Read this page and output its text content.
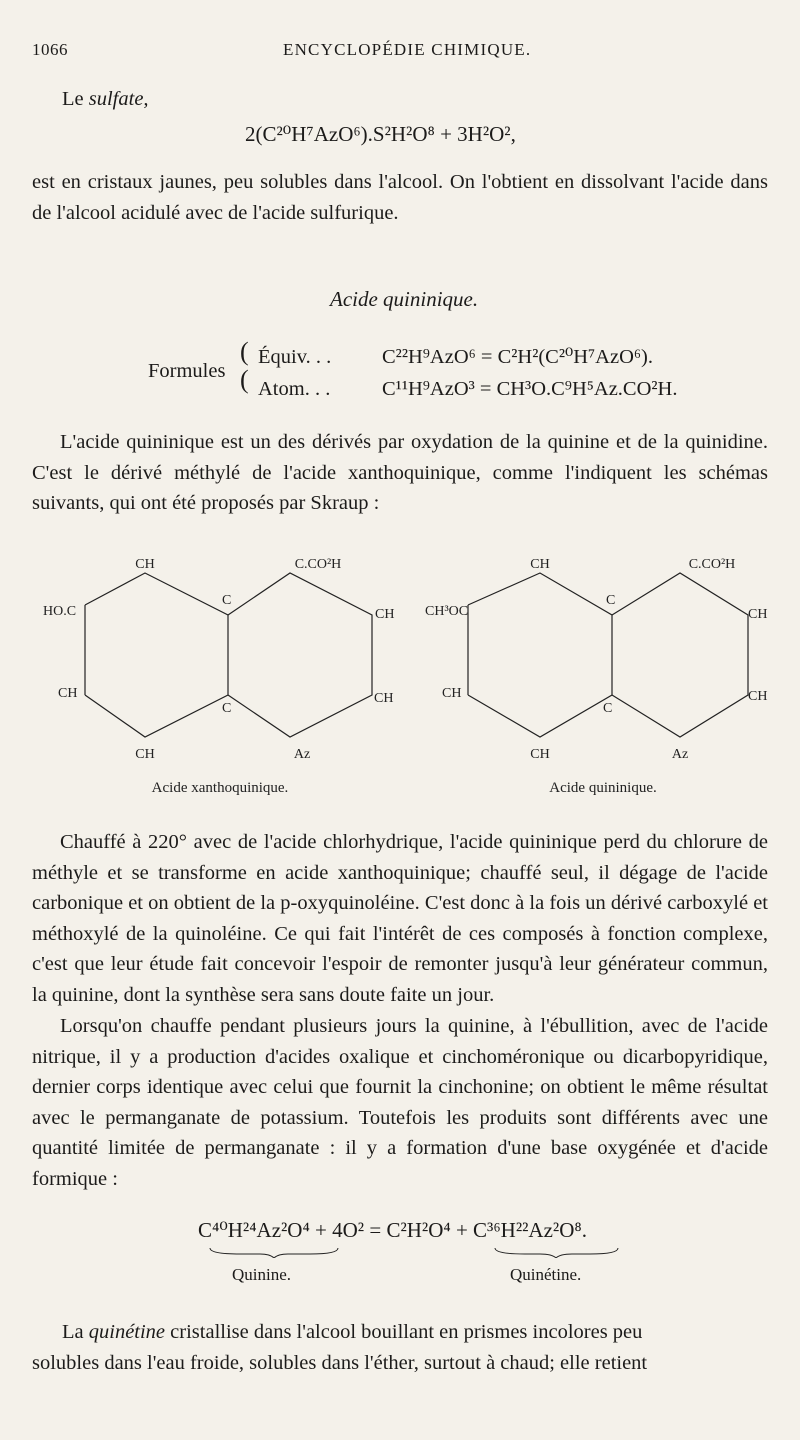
1066	ENCYCLOPÉDIE CHIMIQUE.
Le sulfate,
2(C²⁰H⁷AzO⁶).S²H²O⁸ + 3H²O²,

est en cristaux jaunes, peu solubles dans l'alcool. On l'obtient en dissolvant l'acide dans de l'alcool acidulé avec de l'acide sulfurique.

Acide quininique.
Formules
(
(
Équiv. . . C²²H⁹AzO⁶ = C²H²(C²⁰H⁷AzO⁶).
Atom. . .	C¹¹H⁹AzO³ = CH³O.C⁹H⁵Az.CO²H.
L'acide quininique est un des dérivés par oxydation de la quinine et de la quinidine. C'est le dérivé méthylé de l'acide xanthoquinique, comme l'indiquent les schémas suivants, qui ont été proposés par Skraup :
CH	C.CO²H
HO.C
C
CH
CH
C
CH
CH	Az
CH	C.CO²H
CH³OC
C
CH
CH
C
CH
CH	Az
Acide xanthoquinique.	Acide quininique.
Chauffé à 220° avec de l'acide chlorhydrique, l'acide quininique perd du chlorure de méthyle et se transforme en acide xanthoquinique; chauffé seul, il dégage de l'acide carbonique et on obtient de la p-oxyquinoléine. C'est donc à la fois un dérivé carboxylé et méthoxylé de la quinoléine. Ce qui fait l'intérêt de ces composés à fonction complexe, c'est que leur étude fait concevoir l'espoir de remonter jusqu'à leur générateur commun, la quinine, dont la synthèse sera sans doute faite un jour.
Lorsqu'on chauffe pendant plusieurs jours la quinine, à l'ébullition, avec de l'acide nitrique, il y a production d'acides oxalique et cinchoméronique ou dicarbopyridique, dernier corps identique avec celui que fournit la cinchonine; on obtient le même résultat avec le permanganate de potassium. Toutefois les produits sont différents avec une quantité limitée de permanganate : il y a formation d'une base oxygénée et d'acide formique :
C⁴⁰H²⁴Az²O⁴ + 4O² = C²H²O⁴ + C³⁶H²²Az²O⁸.
Quinine.	Quinétine.
La quinétine cristallise dans l'alcool bouillant en prismes incolores peu
solubles dans l'eau froide, solubles dans l'éther, surtout à chaud; elle retient
